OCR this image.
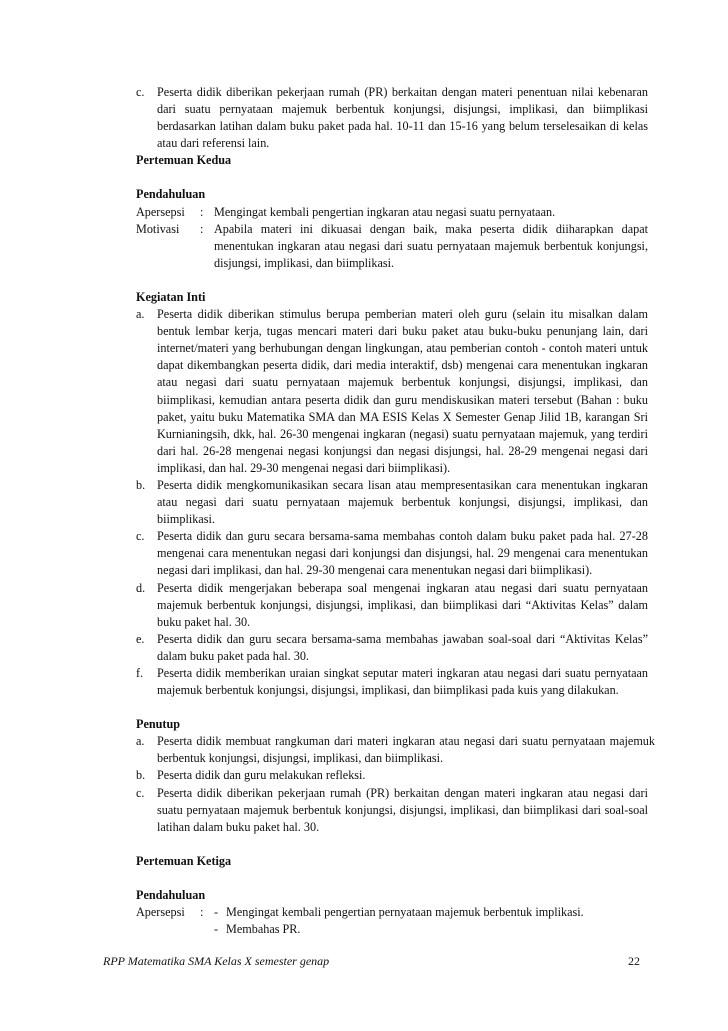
c.	Peserta didik diberikan pekerjaan rumah (PR) berkaitan dengan materi penentuan nilai kebenaran dari suatu pernyataan majemuk berbentuk konjungsi, disjungsi, implikasi, dan biimplikasi berdasarkan latihan dalam buku paket pada hal. 10-11 dan 15-16 yang belum terselesaikan di kelas atau dari referensi lain.
Pertemuan Kedua
Pendahuluan
Apersepsi	: Mengingat kembali pengertian ingkaran atau negasi suatu pernyataan.
Motivasi	: Apabila materi ini dikuasai dengan baik, maka peserta didik diiharapkan dapat menentukan ingkaran atau negasi dari suatu pernyataan majemuk berbentuk konjungsi, disjungsi, implikasi, dan biimplikasi.
Kegiatan Inti
a.	Peserta didik diberikan stimulus berupa pemberian materi oleh guru (selain itu misalkan dalam bentuk lembar kerja, tugas mencari materi dari buku paket atau buku-buku penunjang lain, dari internet/materi yang berhubungan dengan lingkungan, atau pemberian contoh - contoh materi untuk dapat dikembangkan peserta didik, dari media interaktif, dsb) mengenai cara menentukan ingkaran atau negasi dari suatu pernyataan majemuk berbentuk konjungsi, disjungsi, implikasi, dan biimplikasi, kemudian antara peserta didik dan guru mendiskusikan materi tersebut (Bahan : buku paket, yaitu buku Matematika SMA dan MA ESIS Kelas X Semester Genap Jilid 1B, karangan Sri Kurnianingsih, dkk, hal. 26-30 mengenai ingkaran (negasi) suatu pernyataan majemuk, yang terdiri dari hal. 26-28 mengenai negasi konjungsi dan negasi disjungsi, hal. 28-29 mengenai negasi dari implikasi, dan hal. 29-30 mengenai negasi dari biimplikasi).
b. Peserta didik mengkomunikasikan secara lisan atau mempresentasikan cara menentukan ingkaran atau negasi dari suatu pernyataan majemuk berbentuk konjungsi, disjungsi, implikasi, dan biimplikasi.
c.	Peserta didik dan guru secara bersama-sama membahas contoh dalam buku paket pada hal. 27-28 mengenai cara menentukan negasi dari konjungsi dan disjungsi, hal. 29 mengenai cara menentukan negasi dari implikasi, dan hal. 29-30 mengenai cara menentukan negasi dari biimplikasi).
d. Peserta didik mengerjakan beberapa soal mengenai ingkaran atau negasi dari suatu pernyataan majemuk berbentuk konjungsi, disjungsi, implikasi, dan biimplikasi dari “Aktivitas Kelas” dalam buku paket hal. 30.
e.	Peserta didik dan guru secara bersama-sama membahas jawaban soal-soal dari “Aktivitas Kelas” dalam buku paket pada hal. 30.
f.	Peserta didik memberikan uraian singkat seputar materi ingkaran atau negasi dari suatu pernyataan majemuk berbentuk konjungsi, disjungsi, implikasi, dan biimplikasi pada kuis yang dilakukan.
Penutup
a.	Peserta didik membuat rangkuman dari materi ingkaran atau negasi dari suatu pernyataan majemuk berbentuk konjungsi, disjungsi, implikasi, dan biimplikasi.
b. Peserta didik dan guru melakukan refleksi.
c.	Peserta didik diberikan pekerjaan rumah (PR) berkaitan dengan materi ingkaran atau negasi dari suatu pernyataan majemuk berbentuk konjungsi, disjungsi, implikasi, dan biimplikasi dari soal-soal latihan dalam buku paket hal. 30.
Pertemuan Ketiga
Pendahuluan
Apersepsi	: - Mengingat kembali pengertian pernyataan majemuk berbentuk implikasi.
- Membahas PR.
RPP Matematika SMA Kelas X semester genap	22
